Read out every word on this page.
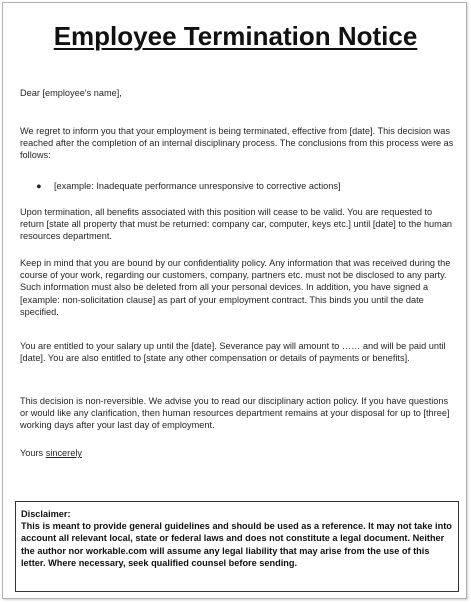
Employee Termination Notice

Dear [employee's name],

We regret to inform you that your employment is being terminated, effective from [date]. This decision was reached after the completion of an internal disciplinary process. The conclusions from this process were as follows:

●	[example: Inadequate performance unresponsive to corrective actions]

Upon termination, all benefits associated with this position will cease to be valid. You are requested to return [state all property that must be returned: company car, computer, keys etc.] until [date] to the human resources department.

Keep in mind that you are bound by our confidentiality policy. Any information that was received during the course of your work, regarding our customers, company, partners etc. must not be disclosed to any party. Such information must also be deleted from all your personal devices. In addition, you have signed a [example: non-solicitation clause] as part of your employment contract. This binds you until the date specified.

You are entitled to your salary up until the [date]. Severance pay will amount to …… and will be paid until [date]. You are also entitled to [state any other compensation or details of payments or benefits].

This decision is non-reversible. We advise you to read our disciplinary action policy. If you have questions or would like any clarification, then human resources department remains at your disposal for up to [three] working days after your last day of employment.

Yours sincerely

Disclaimer:
This is meant to provide general guidelines and should be used as a reference. It may not take into account all relevant local, state or federal laws and does not constitute a legal document. Neither the author nor workable.com will assume any legal liability that may arise from the use of this letter. Where necessary, seek qualified counsel before sending.
